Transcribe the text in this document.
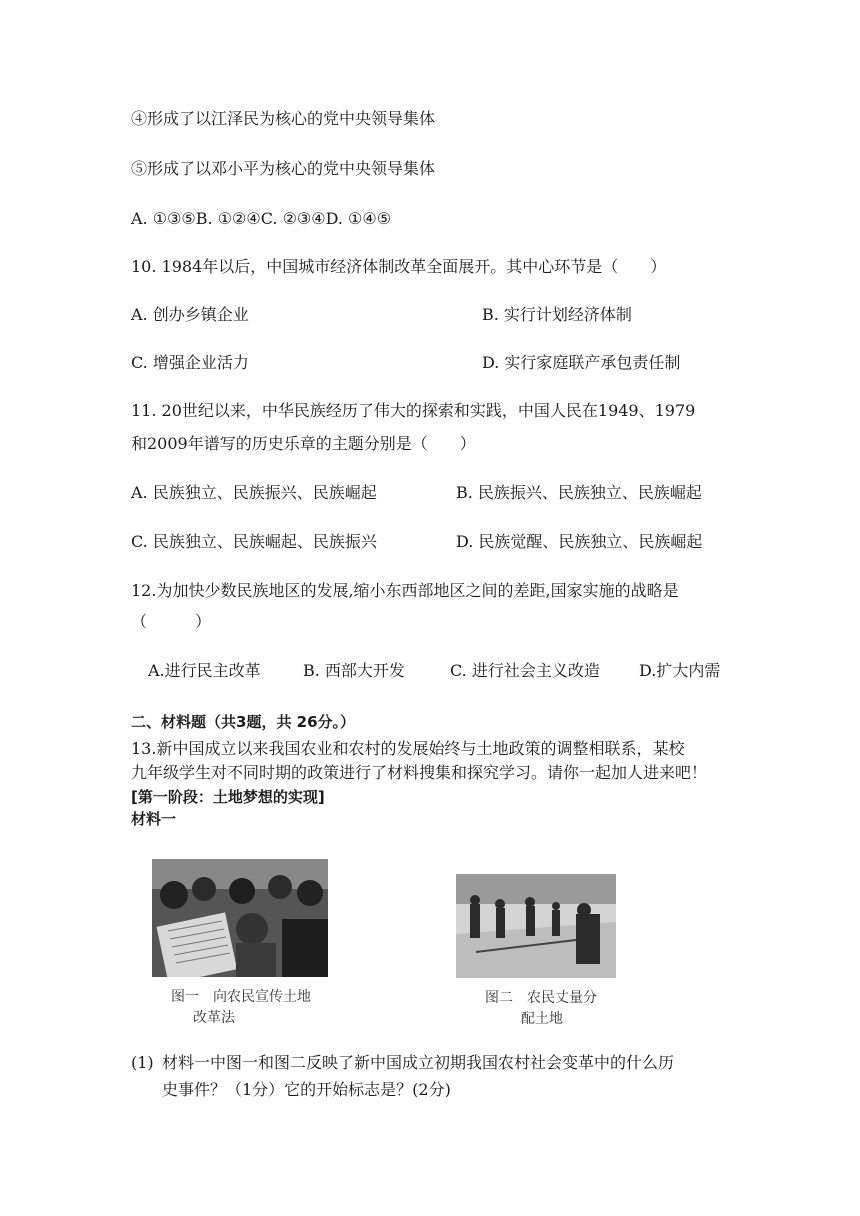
④形成了以江泽民为核心的党中央领导集体
⑤形成了以邓小平为核心的党中央领导集体
A. ①③⑤B. ①②④C. ②③④D. ①④⑤
10. 1984年以后，中国城市经济体制改革全面展开。其中心环节是（　　）
A. 创办乡镇企业	B. 实行计划经济体制
C. 增强企业活力	D. 实行家庭联产承包责任制
11. 20世纪以来，中华民族经历了伟大的探索和实践，中国人民在1949、1979
和2009年谱写的历史乐章的主题分别是（　　）
A. 民族独立、民族振兴、民族崛起	B. 民族振兴、民族独立、民族崛起
C. 民族独立、民族崛起、民族振兴	D. 民族觉醒、民族独立、民族崛起
12.为加快少数民族地区的发展,缩小东西部地区之间的差距,国家实施的战略是
（　　　）
A.进行民主改革	B. 西部大开发	C. 进行社会主义改造 D.扩大内需
二、材料题（共3题，共 26分。）
13.新中国成立以来我国农业和农村的发展始终与土地政策的调整相联系，某校
九年级学生对不同时期的政策进行了材料搜集和探究学习。请你一起加人进来吧！
[第一阶段：土地梦想的实现]
材料一
图一　向农民宣传土地
改革法
图二　农民丈量分
配土地
(1) 材料一中图一和图二反映了新中国成立初期我国农村社会变革中的什么历
史事件？（1分）它的开始标志是？(2分)
